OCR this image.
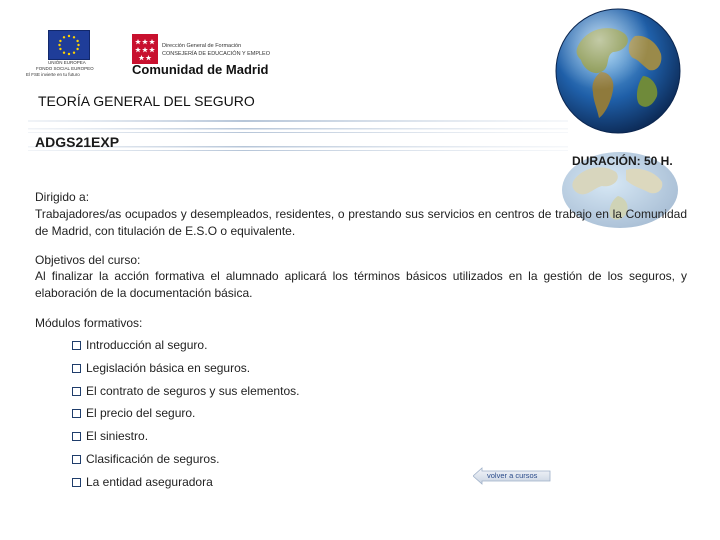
UNIÓN EUROPEA
FONDO SOCIAL EUROPEO
El FSE invierte en tu futuro
Dirección General de Formación
CONSEJERÍA DE EDUCACIÓN Y EMPLEO
Comunidad de Madrid
TEORÍA GENERAL DEL SEGURO
ADGS21EXP
DURACIÓN: 50 H.
Dirigido a:
Trabajadores/as ocupados y desempleados, residentes, o prestando sus servicios en centros de trabajo en la Comunidad de Madrid, con titulación de E.S.O o equivalente.
Objetivos del curso:
Al finalizar la acción formativa el alumnado aplicará los términos básicos utilizados en la gestión de los seguros, y elaboración de la documentación básica.
Módulos formativos:
Introducción al seguro.
Legislación básica en seguros.
El contrato de seguros y sus elementos.
El precio del seguro.
El siniestro.
Clasificación de seguros.
La entidad aseguradora	volver a cursos
